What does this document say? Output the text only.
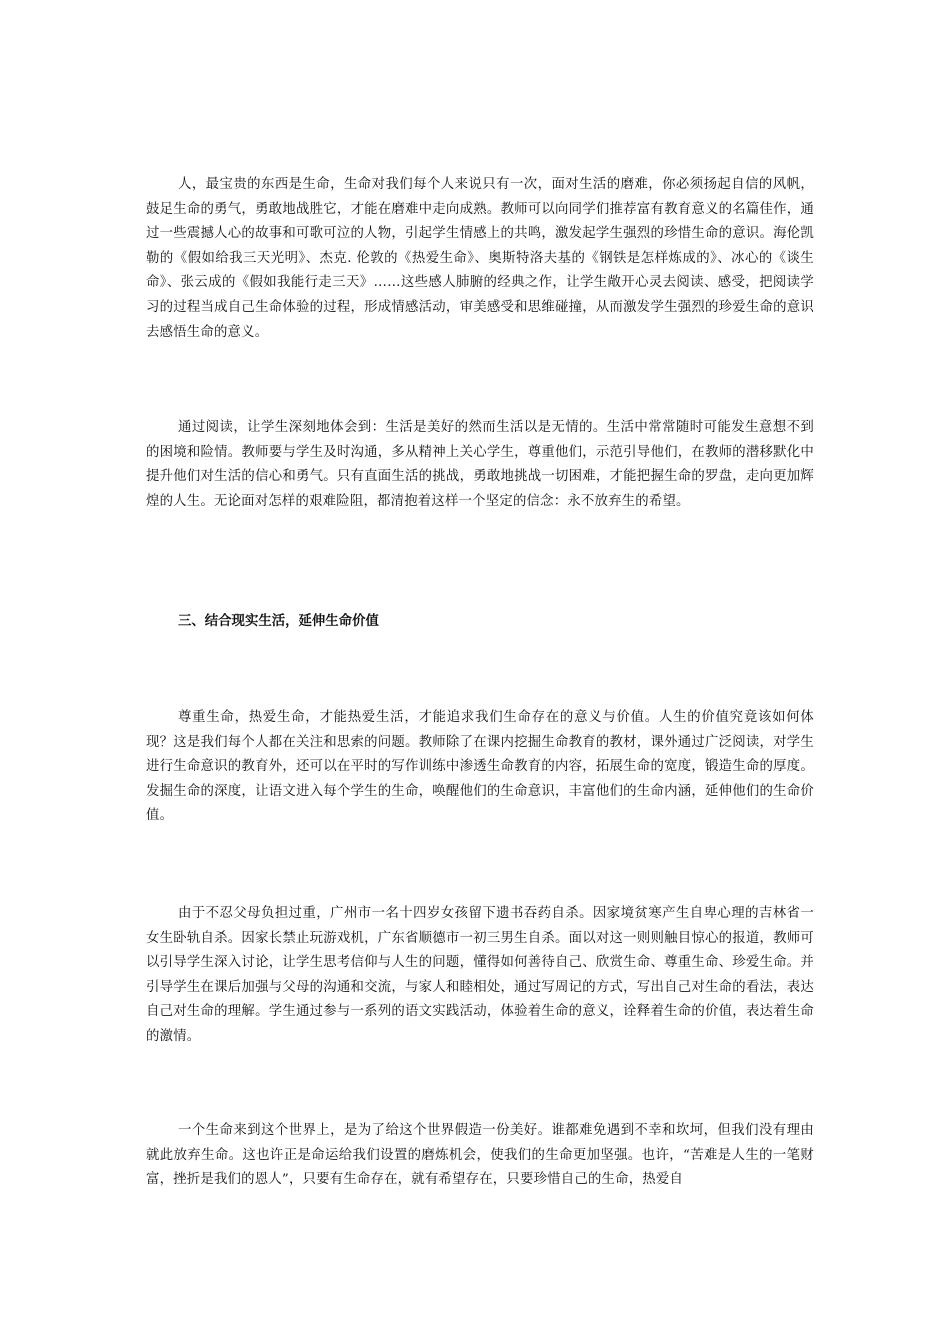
人，最宝贵的东西是生命，生命对我们每个人来说只有一次，面对生活的磨难，你必须扬起自信的风帆，鼓足生命的勇气，勇敢地战胜它，才能在磨难中走向成熟。教师可以向同学们推荐富有教育意义的名篇佳作，通过一些震撼人心的故事和可歌可泣的人物，引起学生情感上的共鸣，激发起学生强烈的珍惜生命的意识。海伦凯勒的《假如给我三天光明》、杰克. 伦敦的《热爱生命》、奥斯特洛夫基的《钢铁是怎样炼成的》、冰心的《谈生命》、张云成的《假如我能行走三天》……这些感人肺腑的经典之作，让学生敞开心灵去阅读、感受，把阅读学习的过程当成自己生命体验的过程，形成情感活动，审美感受和思维碰撞，从而激发学生强烈的珍爱生命的意识去感悟生命的意义。

通过阅读，让学生深刻地体会到：生活是美好的然而生活以是无情的。生活中常常随时可能发生意想不到的困境和险情。教师要与学生及时沟通，多从精神上关心学生，尊重他们，示范引导他们，在教师的潜移默化中提升他们对生活的信心和勇气。只有直面生活的挑战，勇敢地挑战一切困难，才能把握生命的罗盘，走向更加辉煌的人生。无论面对怎样的艰难险阻，都清抱着这样一个坚定的信念：永不放弃生的希望。

三、结合现实生活，延伸生命价值

尊重生命，热爱生命，才能热爱生活，才能追求我们生命存在的意义与价值。人生的价值究竟该如何体现？这是我们每个人都在关注和思索的问题。教师除了在课内挖掘生命教育的教材，课外通过广泛阅读，对学生进行生命意识的教育外，还可以在平时的写作训练中渗透生命教育的内容，拓展生命的宽度，锻造生命的厚度。发掘生命的深度，让语文进入每个学生的生命，唤醒他们的生命意识，丰富他们的生命内涵，延伸他们的生命价值。

由于不忍父母负担过重，广州市一名十四岁女孩留下遗书吞药自杀。因家境贫寒产生自卑心理的吉林省一女生卧轨自杀。因家长禁止玩游戏机，广东省顺德市一初三男生自杀。面以对这一则则触目惊心的报道，教师可以引导学生深入讨论，让学生思考信仰与人生的问题，懂得如何善待自己、欣赏生命、尊重生命、珍爱生命。并引导学生在课后加强与父母的沟通和交流，与家人和睦相处，通过写周记的方式，写出自己对生命的看法，表达自己对生命的理解。学生通过参与一系列的语文实践活动，体验着生命的意义，诠释着生命的价值，表达着生命的激情。

一个生命来到这个世界上，是为了给这个世界假造一份美好。谁都难免遇到不幸和坎坷，但我们没有理由就此放弃生命。这也许正是命运给我们设置的磨炼机会，使我们的生命更加坚强。也许，“苦难是人生的一笔财富，挫折是我们的恩人”，只要有生命存在，就有希望存在，只要珍惜自己的生命，热爱自
